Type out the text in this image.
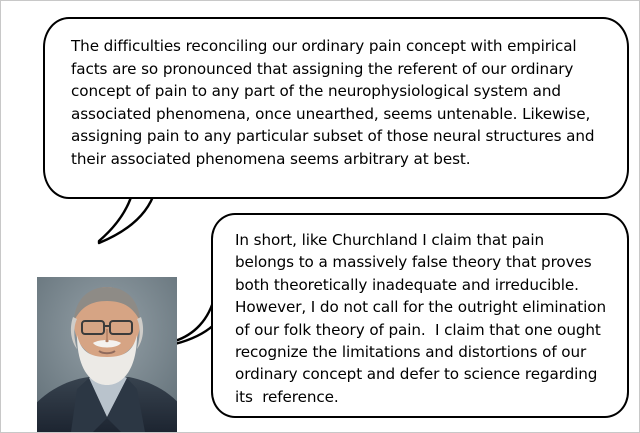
The difficulties reconciling our ordinary pain concept with empirical facts are so pronounced that assigning the referent of our ordinary concept of pain to any part of the neurophysiological system and associated phenomena, once unearthed, seems untenable. Likewise, assigning pain to any particular subset of those neural structures and their associated phenomena seems arbitrary at best.
In short, like Churchland I claim that pain belongs to a massively false theory that proves both theoretically inadequate and irreducible.  However, I do not call for the outright elimination of our folk theory of pain.  I claim that one ought recognize the limitations and distortions of our ordinary concept and defer to science regarding its  reference.
